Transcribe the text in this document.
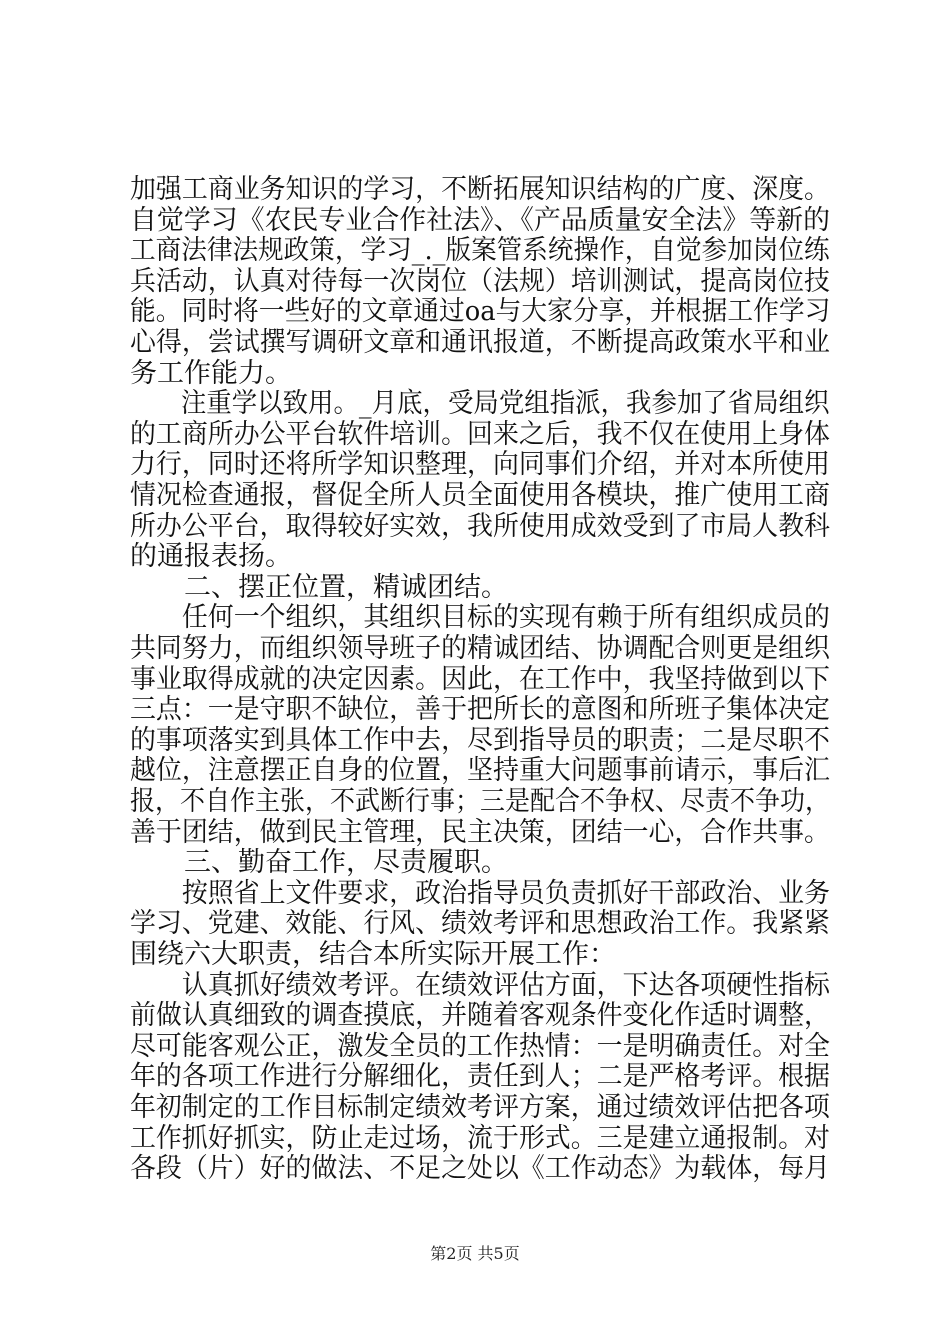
加强工商业务知识的学习，不断拓展知识结构的广度、深度。
自觉学习《农民专业合作社法》、《产品质量安全法》等新的
工商法律法规政策，学习_._版案管系统操作，自觉参加岗位练
兵活动，认真对待每一次岗位（法规）培训测试，提高岗位技
能。同时将一些好的文章通过oa与大家分享，并根据工作学习
心得，尝试撰写调研文章和通讯报道，不断提高政策水平和业
务工作能力。
　　注重学以致用。_月底，受局党组指派，我参加了省局组织
的工商所办公平台软件培训。回来之后，我不仅在使用上身体
力行，同时还将所学知识整理，向同事们介绍，并对本所使用
情况检查通报，督促全所人员全面使用各模块，推广使用工商
所办公平台，取得较好实效，我所使用成效受到了市局人教科
的通报表扬。
　　二、摆正位置，精诚团结。
　　任何一个组织，其组织目标的实现有赖于所有组织成员的
共同努力，而组织领导班子的精诚团结、协调配合则更是组织
事业取得成就的决定因素。因此，在工作中，我坚持做到以下
三点：一是守职不缺位，善于把所长的意图和所班子集体决定
的事项落实到具体工作中去，尽到指导员的职责；二是尽职不
越位，注意摆正自身的位置，坚持重大问题事前请示，事后汇
报，不自作主张，不武断行事；三是配合不争权、尽责不争功，
善于团结，做到民主管理，民主决策，团结一心，合作共事。
　　三、勤奋工作，尽责履职。
　　按照省上文件要求，政治指导员负责抓好干部政治、业务
学习、党建、效能、行风、绩效考评和思想政治工作。我紧紧
围绕六大职责，结合本所实际开展工作：
　　认真抓好绩效考评。在绩效评估方面，下达各项硬性指标
前做认真细致的调查摸底，并随着客观条件变化作适时调整，
尽可能客观公正，激发全员的工作热情：一是明确责任。对全
年的各项工作进行分解细化，责任到人；二是严格考评。根据
年初制定的工作目标制定绩效考评方案，通过绩效评估把各项
工作抓好抓实，防止走过场，流于形式。三是建立通报制。对
各段（片）好的做法、不足之处以《工作动态》为载体，每月
第2页 共5页
